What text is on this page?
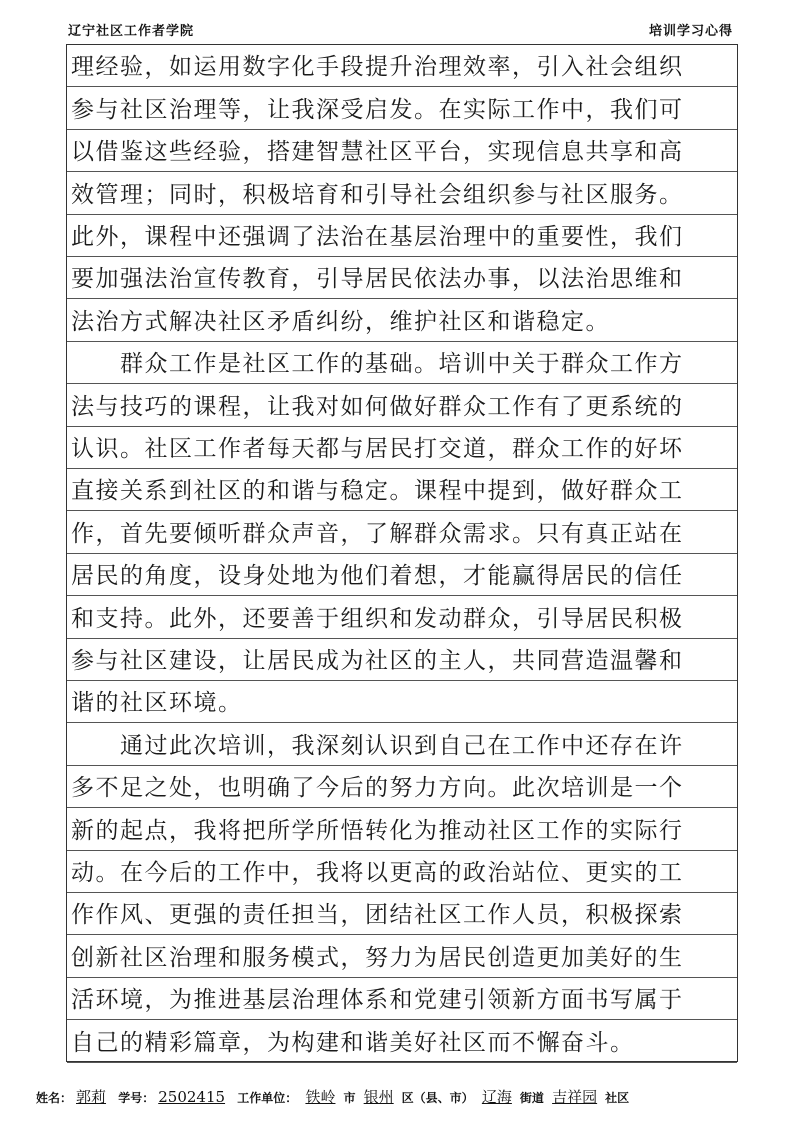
辽宁社区工作者学院	培训学习心得
理经验，如运用数字化手段提升治理效率，引入社会组织
参与社区治理等，让我深受启发。在实际工作中，我们可
以借鉴这些经验，搭建智慧社区平台，实现信息共享和高
效管理；同时，积极培育和引导社会组织参与社区服务。
此外，课程中还强调了法治在基层治理中的重要性，我们
要加强法治宣传教育，引导居民依法办事，以法治思维和
法治方式解决社区矛盾纠纷，维护社区和谐稳定。
　　群众工作是社区工作的基础。培训中关于群众工作方
法与技巧的课程，让我对如何做好群众工作有了更系统的
认识。社区工作者每天都与居民打交道，群众工作的好坏
直接关系到社区的和谐与稳定。课程中提到，做好群众工
作，首先要倾听群众声音，了解群众需求。只有真正站在
居民的角度，设身处地为他们着想，才能赢得居民的信任
和支持。此外，还要善于组织和发动群众，引导居民积极
参与社区建设，让居民成为社区的主人，共同营造温馨和
谐的社区环境。
　　通过此次培训，我深刻认识到自己在工作中还存在许
多不足之处，也明确了今后的努力方向。此次培训是一个
新的起点，我将把所学所悟转化为推动社区工作的实际行
动。在今后的工作中，我将以更高的政治站位、更实的工
作作风、更强的责任担当，团结社区工作人员，积极探索
创新社区治理和服务模式，努力为居民创造更加美好的生
活环境，为推进基层治理体系和党建引领新方面书写属于
自己的精彩篇章，为构建和谐美好社区而不懈奋斗。
姓名： 郭莉 学号： 2502415 工作单位： 铁岭 市 银州 区（县、市） 辽海 街道 吉祥园 社区
